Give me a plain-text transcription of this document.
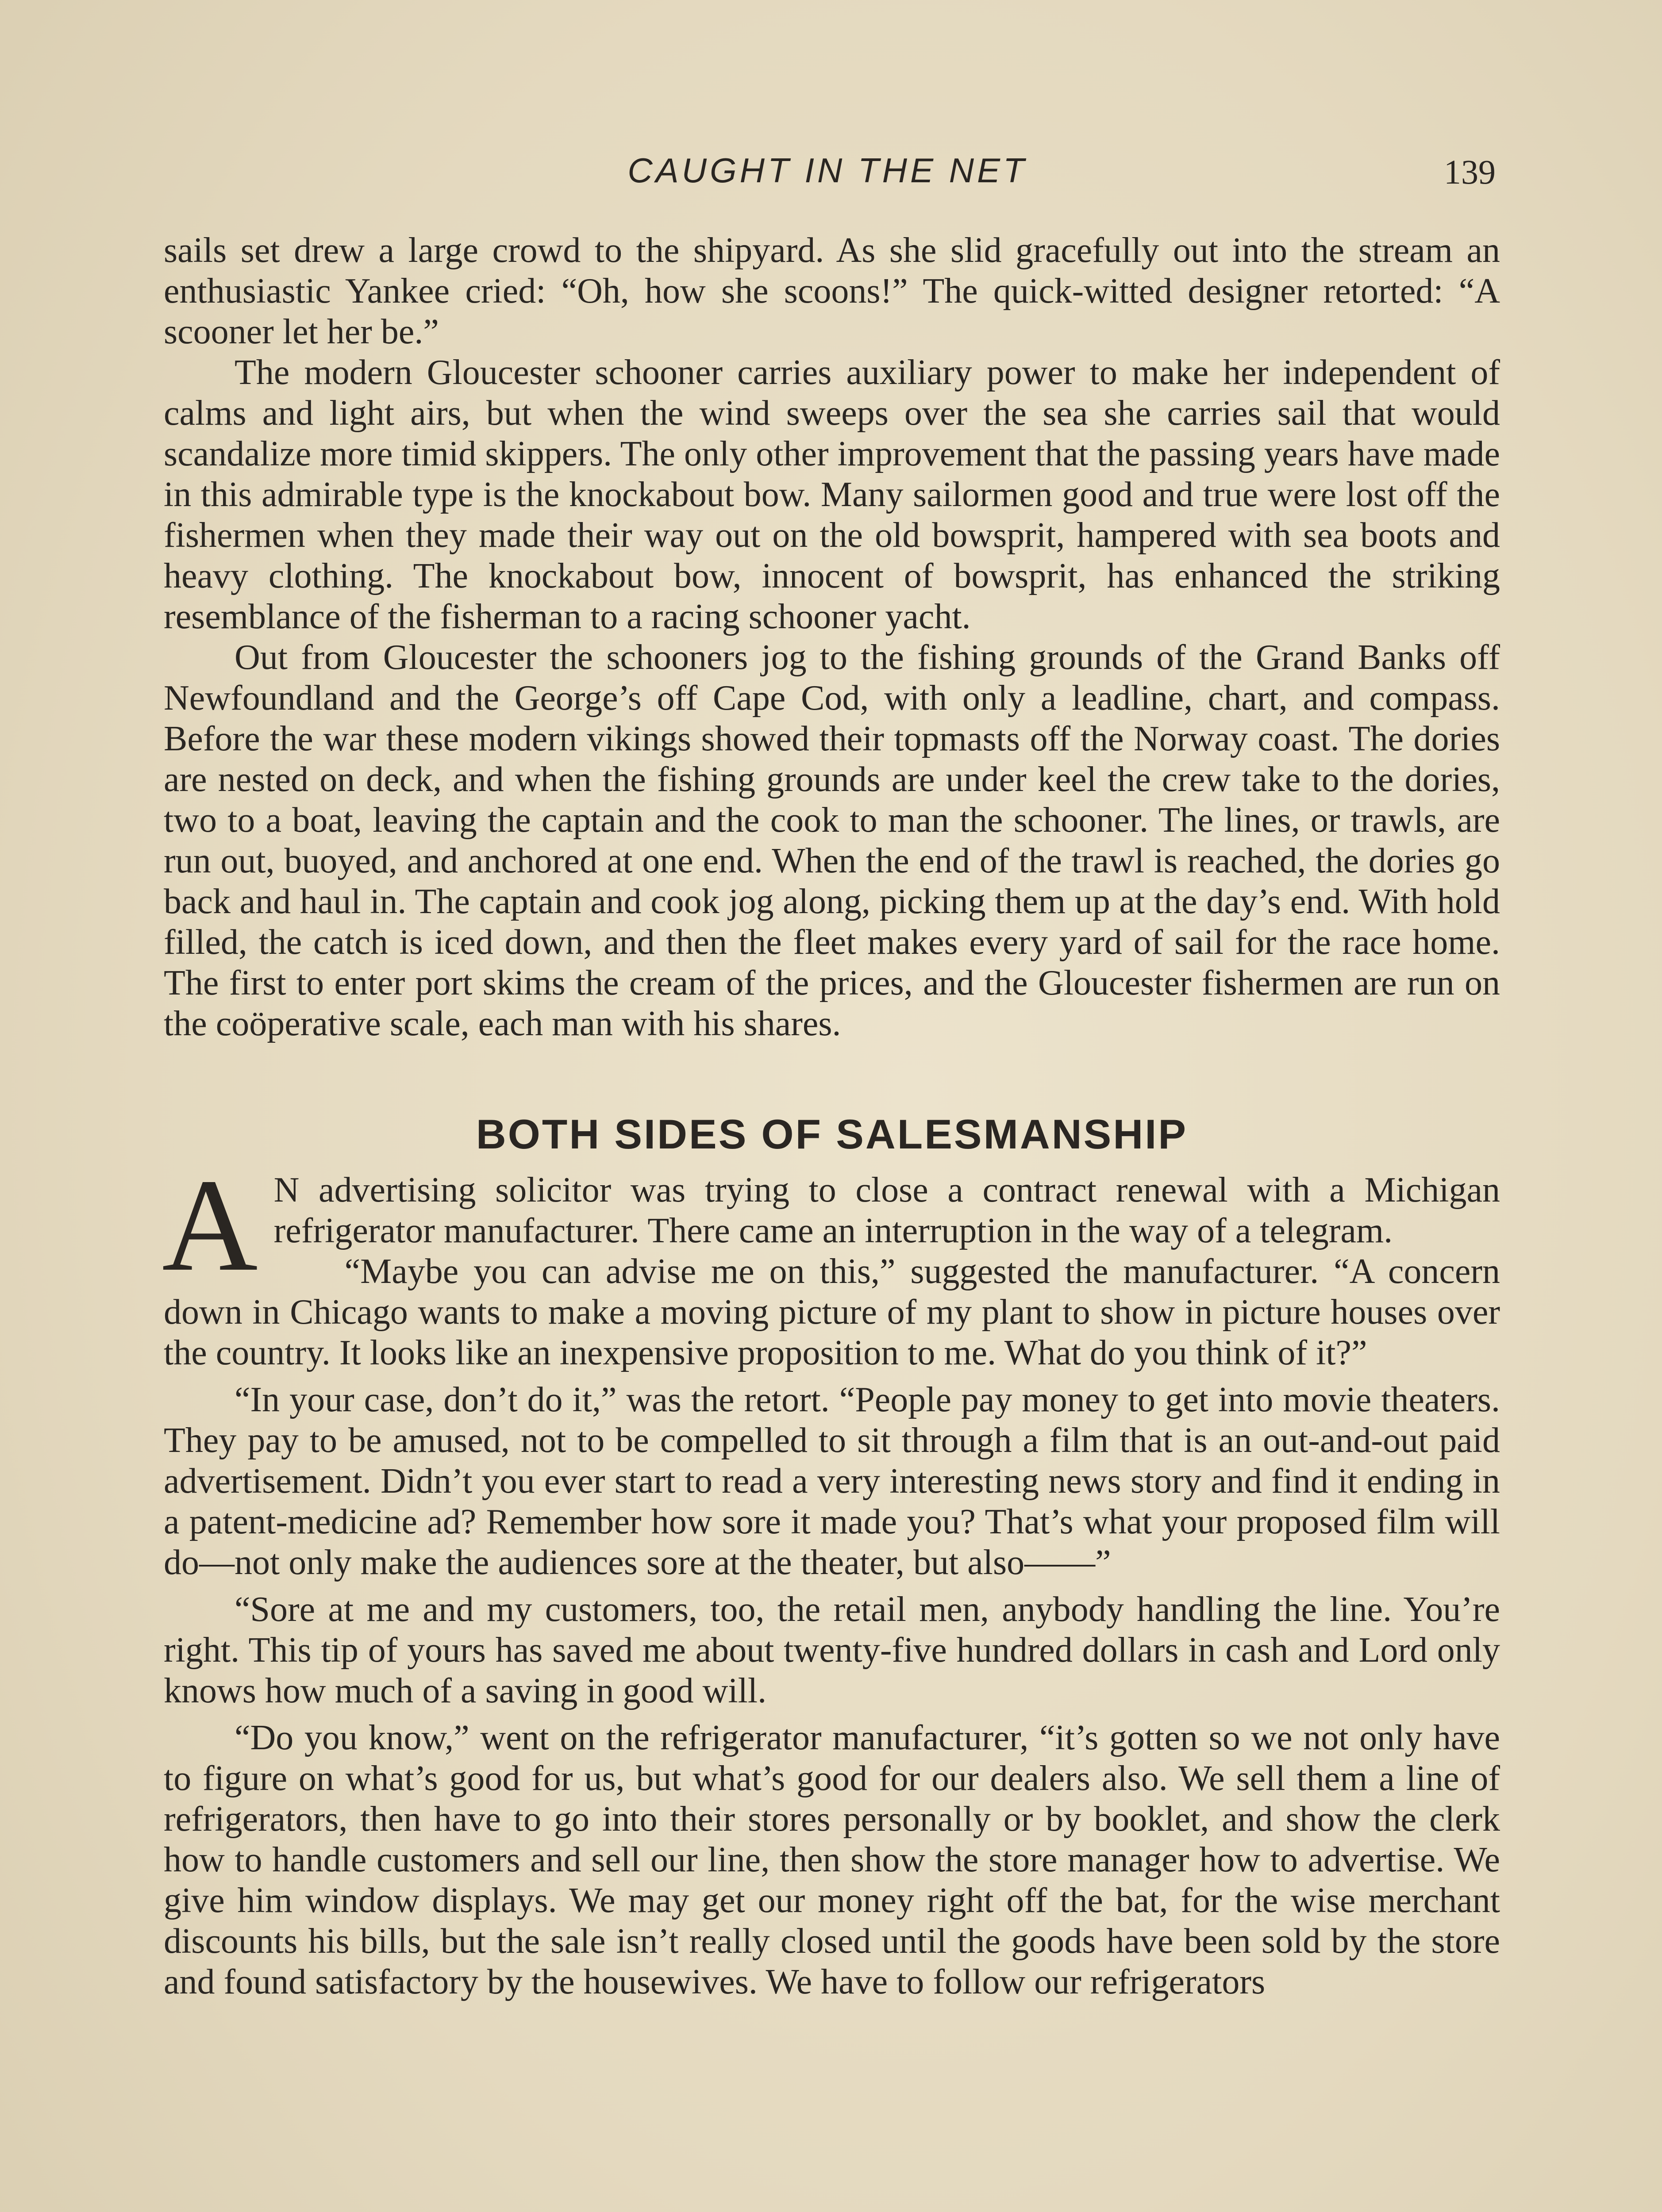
CAUGHT IN THE NET	139

sails set drew a large crowd to the shipyard. As she slid gracefully out into the stream an enthusiastic Yankee cried: “Oh, how she scoons!” The quick-witted designer retorted: “A scooner let her be.”

The modern Gloucester schooner carries auxiliary power to make her independent of calms and light airs, but when the wind sweeps over the sea she carries sail that would scandalize more timid skippers. The only other improvement that the passing years have made in this admirable type is the knockabout bow. Many sailormen good and true were lost off the fishermen when they made their way out on the old bowsprit, hampered with sea boots and heavy clothing. The knockabout bow, innocent of bowsprit, has enhanced the striking resemblance of the fisherman to a racing schooner yacht.

Out from Gloucester the schooners jog to the fishing grounds of the Grand Banks off Newfoundland and the George’s off Cape Cod, with only a leadline, chart, and compass. Before the war these modern vikings showed their topmasts off the Norway coast. The dories are nested on deck, and when the fishing grounds are under keel the crew take to the dories, two to a boat, leaving the captain and the cook to man the schooner. The lines, or trawls, are run out, buoyed, and anchored at one end. When the end of the trawl is reached, the dories go back and haul in. The captain and cook jog along, picking them up at the day’s end. With hold filled, the catch is iced down, and then the fleet makes every yard of sail for the race home. The first to enter port skims the cream of the prices, and the Gloucester fishermen are run on the coöperative scale, each man with his shares.

BOTH SIDES OF SALESMANSHIP

A N advertising solicitor was trying to close a contract renewal with a Michigan refrigerator manufacturer. There came an interruption in the way of a telegram.

“Maybe you can advise me on this,” suggested the manufacturer. “A concern down in Chicago wants to make a moving picture of my plant to show in picture houses over the country. It looks like an inexpensive proposition to me. What do you think of it?”

“In your case, don’t do it,” was the retort. “People pay money to get into movie theaters. They pay to be amused, not to be compelled to sit through a film that is an out-and-out paid advertisement. Didn’t you ever start to read a very interesting news story and find it ending in a patent-medicine ad? Remember how sore it made you? That’s what your proposed film will do—not only make the audiences sore at the theater, but also——”

“Sore at me and my customers, too, the retail men, anybody handling the line. You’re right. This tip of yours has saved me about twenty-five hundred dollars in cash and Lord only knows how much of a saving in good will.

“Do you know,” went on the refrigerator manufacturer, “it’s gotten so we not only have to figure on what’s good for us, but what’s good for our dealers also. We sell them a line of refrigerators, then have to go into their stores personally or by booklet, and show the clerk how to handle customers and sell our line, then show the store manager how to advertise. We give him window displays. We may get our money right off the bat, for the wise merchant discounts his bills, but the sale isn’t really closed until the goods have been sold by the store and found satisfactory by the housewives. We have to follow our refrigerators
